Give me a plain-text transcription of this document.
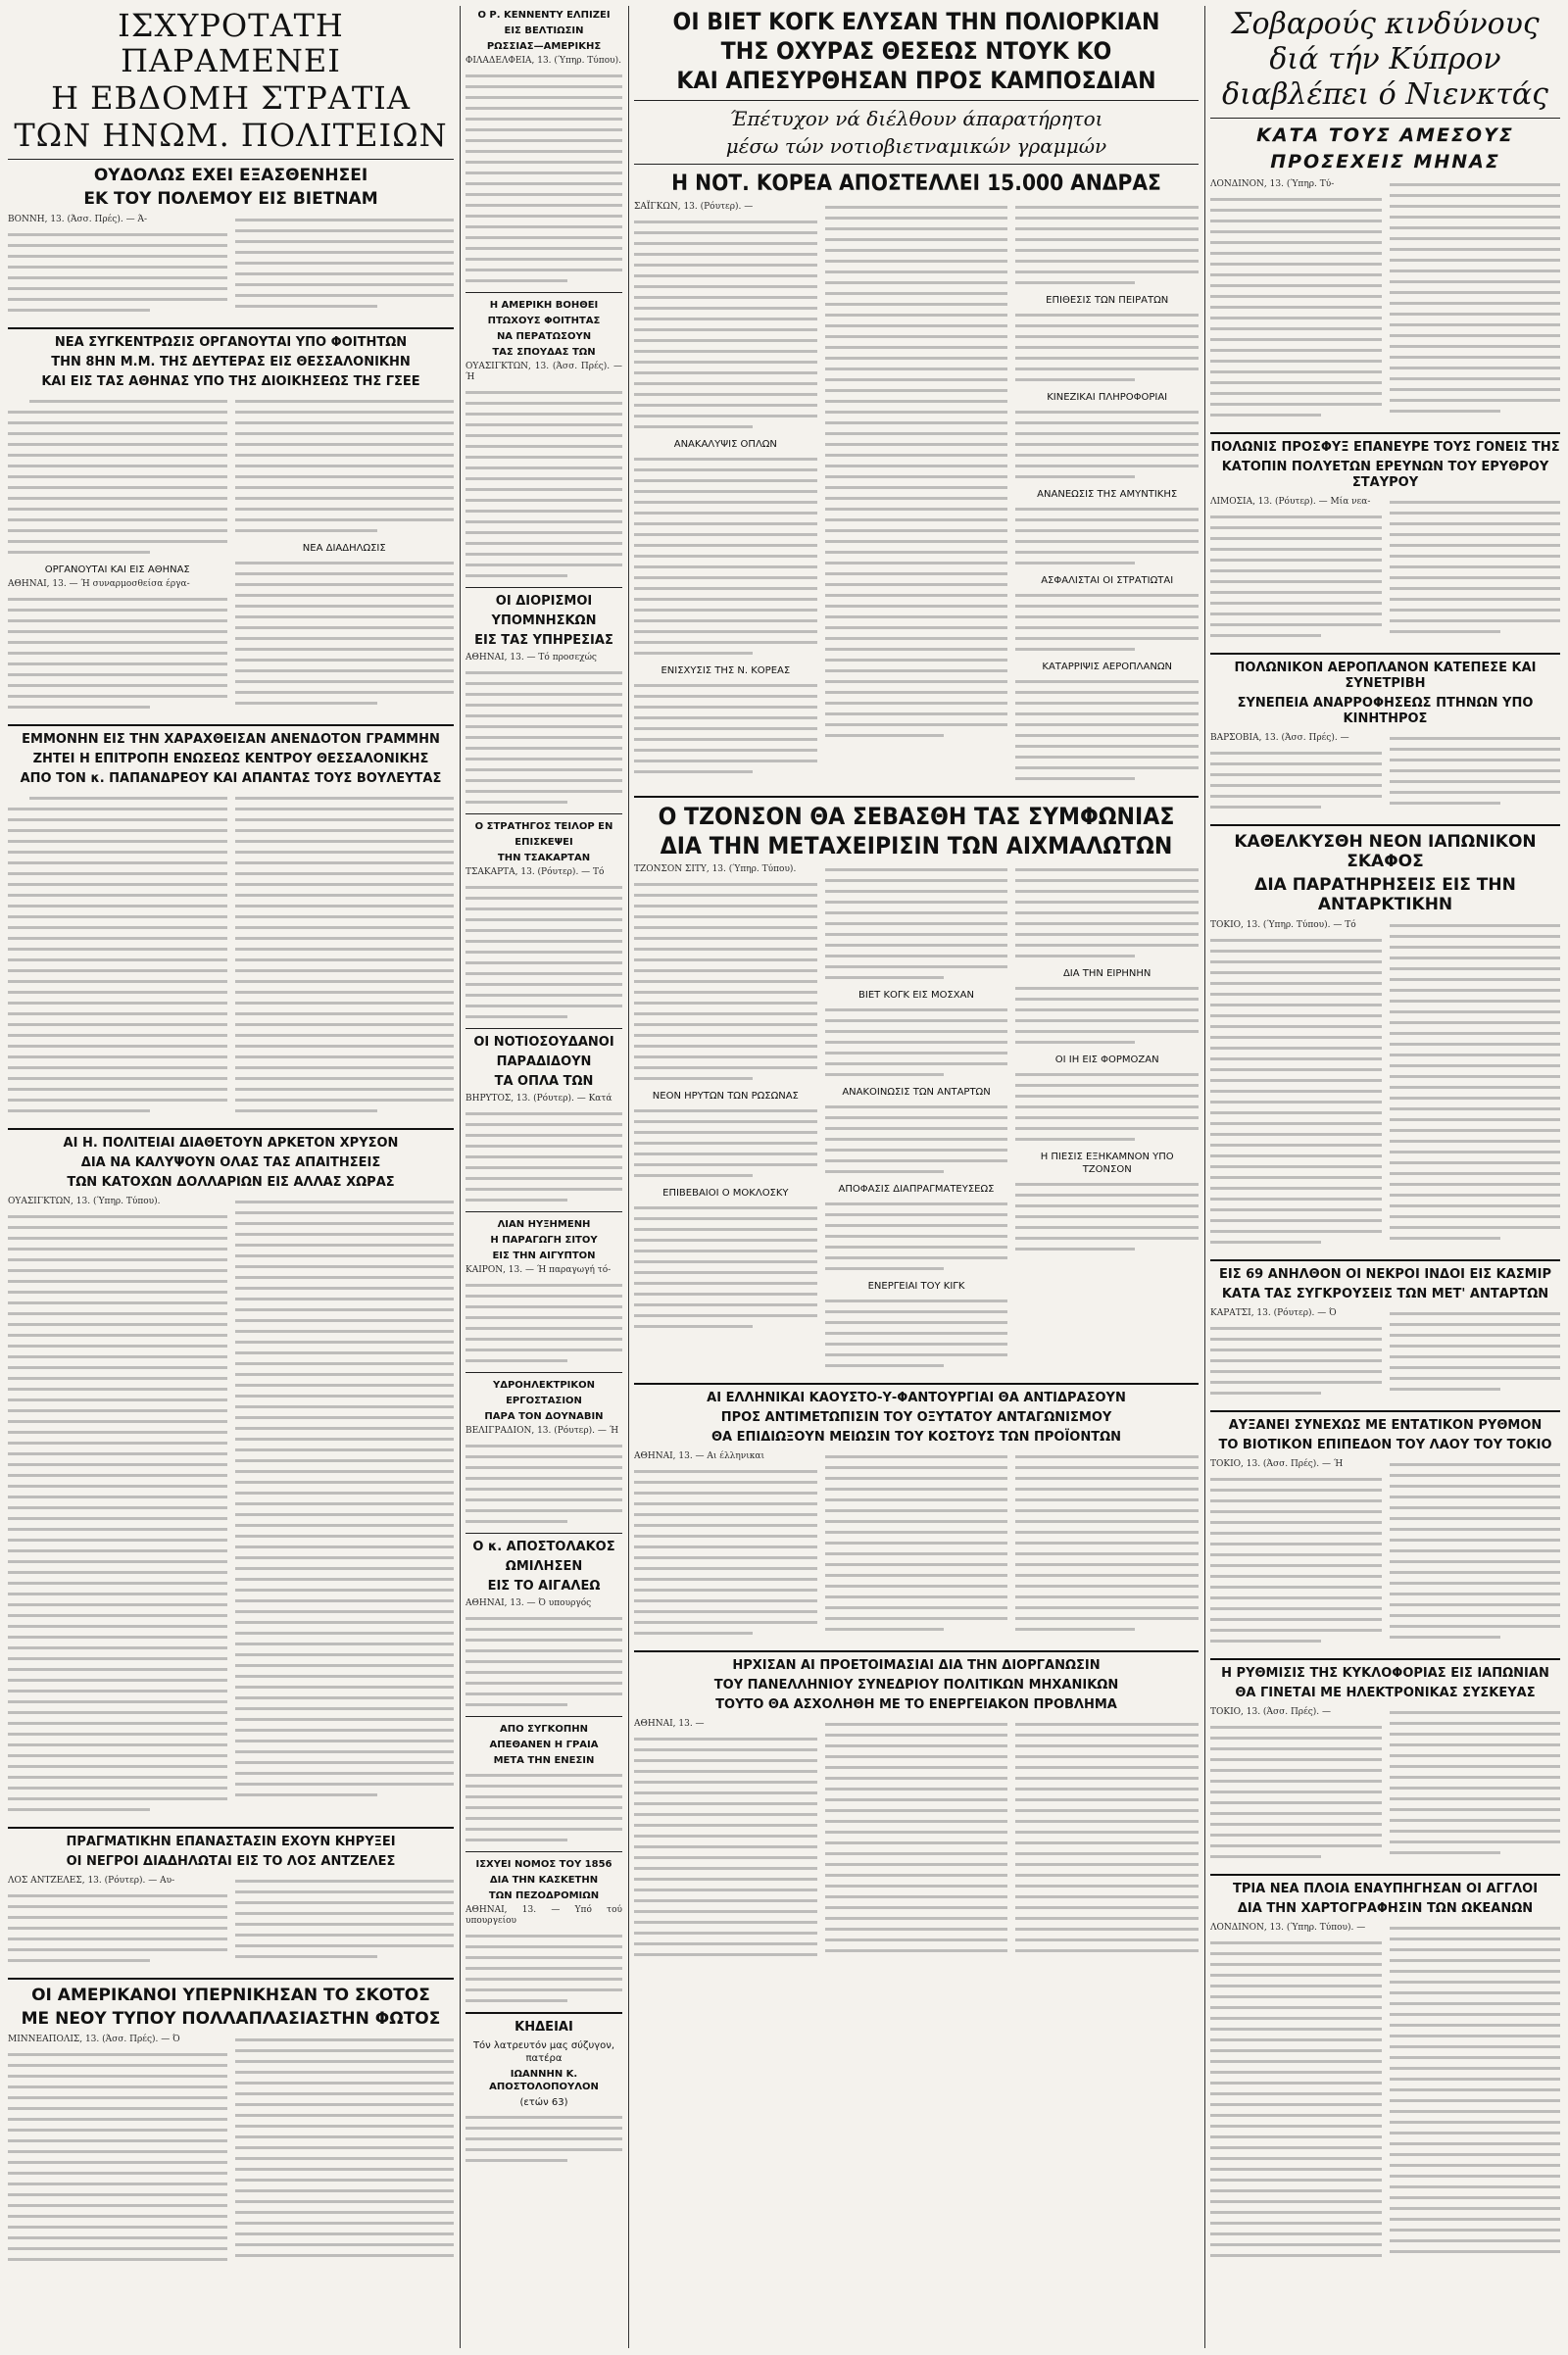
ΙΣΧΥΡΟΤΑΤΗ ΠΑΡΑΜΕΝΕΙ
Η ΕΒΔΟΜΗ ΣΤΡΑΤΙΑ
ΤΩΝ ΗΝΩΜ. ΠΟΛΙΤΕΙΩΝ
ΟΥΔΟΛΩΣ ΕΧΕΙ ΕΞΑΣΘΕΝΗΣΕΙ
ΕΚ ΤΟΥ ΠΟΛΕΜΟΥ ΕΙΣ ΒΙΕΤΝΑΜ
ΒΟΝΝΗ, 13. (Άσσ. Πρές). — Ά-
ΝΕΑ ΣΥΓΚΕΝΤΡΩΣΙΣ ΟΡΓΑΝΟΥΤΑΙ ΥΠΟ ΦΟΙΤΗΤΩΝ
ΤΗΝ 8ΗΝ Μ.Μ. ΤΗΣ ΔΕΥΤΕΡΑΣ ΕΙΣ ΘΕΣΣΑΛΟΝΙΚΗΝ
ΚΑΙ ΕΙΣ ΤΑΣ ΑΘΗΝΑΣ ΥΠΟ ΤΗΣ ΔΙΟΙΚΗΣΕΩΣ ΤΗΣ ΓΣΕΕ
ΟΡΓΑΝΟΥΤΑΙ ΚΑΙ ΕΙΣ ΑΘΗΝΑΣ
ΑΘΗΝΑΙ, 13. — Ή συναρμοσθείσα έργα-
ΝΕΑ ΔΙΑΔΗΛΩΣΙΣ
ΕΜΜΟΝΗΝ ΕΙΣ ΤΗΝ ΧΑΡΑΧΘΕΙΣΑΝ ΑΝΕΝΔΟΤΟΝ ΓΡΑΜΜΗΝ
ΖΗΤΕΙ Η ΕΠΙΤΡΟΠΗ ΕΝΩΣΕΩΣ ΚΕΝΤΡΟΥ ΘΕΣΣΑΛΟΝΙΚΗΣ
ΑΠΟ ΤΟΝ κ. ΠΑΠΑΝΔΡΕΟΥ ΚΑΙ ΑΠΑΝΤΑΣ ΤΟΥΣ ΒΟΥΛΕΥΤΑΣ
ΑΙ Η. ΠΟΛΙΤΕΙΑΙ ΔΙΑΘΕΤΟΥΝ ΑΡΚΕΤΟΝ ΧΡΥΣΟΝ
ΔΙΑ ΝΑ ΚΑΛΥΨΟΥΝ ΟΛΑΣ ΤΑΣ ΑΠΑΙΤΗΣΕΙΣ
ΤΩΝ ΚΑΤΟΧΩΝ ΔΟΛΛΑΡΙΩΝ ΕΙΣ ΑΛΛΑΣ ΧΩΡΑΣ
ΟΥΑΣΙΓΚΤΩΝ, 13. (Ύπηρ. Τύπου).
ΠΡΑΓΜΑΤΙΚΗΝ ΕΠΑΝΑΣΤΑΣΙΝ ΕΧΟΥΝ ΚΗΡΥΞΕΙ
ΟΙ ΝΕΓΡΟΙ ΔΙΑΔΗΛΩΤΑΙ ΕΙΣ ΤΟ ΛΟΣ ΑΝΤΖΕΛΕΣ
ΛΟΣ ΑΝΤΖΕΛΕΣ, 13. (Ρόυτερ). — Αυ-
ΟΙ ΑΜΕΡΙΚΑΝΟΙ ΥΠΕΡΝΙΚΗΣΑΝ ΤΟ ΣΚΟΤΟΣ
ΜΕ ΝΕΟΥ ΤΥΠΟΥ ΠΟΛΛΑΠΛΑΣΙΑΣΤΗΝ ΦΩΤΟΣ
ΜΙΝΝΕΑΠΟΛΙΣ, 13. (Άσσ. Πρές). — Ό
Ο Ρ. ΚΕΝΝΕΝΤΥ ΕΛΠΙΖΕΙ
ΕΙΣ ΒΕΛΤΙΩΣΙΝ
ΡΩΣΣΙΑΣ—ΑΜΕΡΙΚΗΣ
ΦΙΛΑΔΕΛΦΕΙΑ, 13. (Ύπηρ. Τύπου).
Η ΑΜΕΡΙΚΗ ΒΟΗΘΕΙ
ΠΤΩΧΟΥΣ ΦΟΙΤΗΤΑΣ
ΝΑ ΠΕΡΑΤΩΣΟΥΝ
ΤΑΣ ΣΠΟΥΔΑΣ ΤΩΝ
ΟΥΑΣΙΓΚΤΩΝ, 13. (Άσσ. Πρές). — Ή
ΟΙ ΔΙΟΡΙΣΜΟΙ
ΥΠΟΜΝΗΣΚΩΝ
ΕΙΣ ΤΑΣ ΥΠΗΡΕΣΙΑΣ
ΑΘΗΝΑΙ, 13. — Τό προσεχώς
Ο ΣΤΡΑΤΗΓΟΣ ΤΕΙΛΟΡ ΕΝ
ΕΠΙΣΚΕΨΕΙ
ΤΗΝ ΤΣΑΚΑΡΤΑΝ
ΤΣΑΚΑΡΤΑ, 13. (Ρόυτερ). — Τό
ΟΙ ΝΟΤΙΟΣΟΥΔΑΝΟΙ
ΠΑΡΑΔΙΔΟΥΝ
ΤΑ ΟΠΛΑ ΤΩΝ
ΒΗΡΥΤΟΣ, 13. (Ρόυτερ). — Κατά
ΛΙΑΝ ΗΥΞΗΜΕΝΗ
Η ΠΑΡΑΓΩΓΗ ΣΙΤΟΥ
ΕΙΣ ΤΗΝ ΑΙΓΥΠΤΟΝ
ΚΑΙΡΟΝ, 13. — Ή παραγωγή τό-
ΥΔΡΟΗΛΕΚΤΡΙΚΟΝ
ΕΡΓΟΣΤΑΣΙΟΝ
ΠΑΡΑ ΤΟΝ ΔΟΥΝΑΒΙΝ
ΒΕΛΙΓΡΑΔΙΟΝ, 13. (Ρόυτερ). — Ή
Ο κ. ΑΠΟΣΤΟΛΑΚΟΣ
ΩΜΙΛΗΣΕΝ
ΕΙΣ ΤΟ ΑΙΓΑΛΕΩ
ΑΘΗΝΑΙ, 13. — Ό υπουργός
ΑΠΟ ΣΥΓΚΟΠΗΝ
ΑΠΕΘΑΝΕΝ Η ΓΡΑΙΑ
ΜΕΤΑ ΤΗΝ ΕΝΕΣΙΝ
ΙΣΧΥΕΙ ΝΟΜΟΣ ΤΟΥ 1856
ΔΙΑ ΤΗΝ ΚΑΣΚΕΤΗΝ
ΤΩΝ ΠΕΖΟΔΡΟΜΙΩΝ
ΑΘΗΝΑΙ, 13. — Υπό τού υπουργείου
ΚΗΔΕΙΑΙ
Τόν λατρευτόν μας σύζυγον, πατέρα
ΙΩΑΝΝΗΝ Κ. ΑΠΟΣΤΟΛΟΠΟΥΛΟΝ
(ετών 63)
ΟΙ ΒΙΕΤ ΚΟΓΚ ΕΛΥΣΑΝ ΤΗΝ ΠΟΛΙΟΡΚΙΑΝ
ΤΗΣ ΟΧΥΡΑΣ ΘΕΣΕΩΣ ΝΤΟΥΚ ΚΟ
ΚΑΙ ΑΠΕΣΥΡΘΗΣΑΝ ΠΡΟΣ ΚΑΜΠΟΣΔΙΑΝ
Έπέτυχον νά διέλθουν άπαρατήρητοι
μέσω τών νοτιοβιετναμικών γραμμών
Η ΝΟΤ. ΚΟΡΕΑ ΑΠΟΣΤΕΛΛΕΙ 15.000 ΑΝΔΡΑΣ
ΣΑΪΓΚΩΝ, 13. (Ρόυτερ). —
ΑΝΑΚΑΛΥΨΙΣ ΟΠΛΩΝ
ΕΝΙΣΧΥΣΙΣ ΤΗΣ Ν. ΚΟΡΕΑΣ
ΕΠΙΘΕΣΙΣ ΤΩΝ ΠΕΙΡΑΤΩΝ
ΚΙΝΕΖΙΚΑΙ ΠΛΗΡΟΦΟΡΙΑΙ
ΑΝΑΝΕΩΣΙΣ ΤΗΣ ΑΜΥΝΤΙΚΗΣ
ΑΣΦΑΛΙΣΤΑΙ ΟΙ ΣΤΡΑΤΙΩΤΑΙ
ΚΑΤΑΡΡΙΨΙΣ ΑΕΡΟΠΛΑΝΩΝ
Ο ΤΖΟΝΣΟΝ ΘΑ ΣΕΒΑΣΘΗ ΤΑΣ ΣΥΜΦΩΝΙΑΣ
ΔΙΑ ΤΗΝ ΜΕΤΑΧΕΙΡΙΣΙΝ ΤΩΝ ΑΙΧΜΑΛΩΤΩΝ
ΤΖΟΝΣΟΝ ΣΙΤΥ, 13. (Ύπηρ. Τύπου).
ΝΕΟΝ ΗΡΥΤΩΝ ΤΩΝ ΡΩΣΩΝΑΣ
ΕΠΙΒΕΒΑΙΟΙ Ο ΜΟΚΛΟΣΚΥ
ΒΙΕΤ ΚΟΓΚ ΕΙΣ ΜΟΣΧΑΝ
ΑΝΑΚΟΙΝΩΣΙΣ ΤΩΝ ΑΝΤΑΡΤΩΝ
ΑΠΟΦΑΣΙΣ ΔΙΑΠΡΑΓΜΑΤΕΥΣΕΩΣ
ΕΝΕΡΓΕΙΑΙ ΤΟΥ ΚΙΓΚ
ΔΙΑ ΤΗΝ ΕΙΡΗΝΗΝ
ΟΙ ΙΗ ΕΙΣ ΦΟΡΜΟΖΑΝ
Η ΠΙΕΣΙΣ ΕΞΗΚΑΜΝΟΝ ΥΠΟ ΤΖΟΝΣΟΝ
ΑΙ ΕΛΛΗΝΙΚΑΙ ΚΑΟΥΣΤΟ-Υ-ΦΑΝΤΟΥΡΓΙΑΙ ΘΑ ΑΝΤΙΔΡΑΣΟΥΝ
ΠΡΟΣ ΑΝΤΙΜΕΤΩΠΙΣΙΝ ΤΟΥ ΟΞΥΤΑΤΟΥ ΑΝΤΑΓΩΝΙΣΜΟΥ
ΘΑ ΕΠΙΔΙΩΞΟΥΝ ΜΕΙΩΣΙΝ ΤΟΥ ΚΟΣΤΟΥΣ ΤΩΝ ΠΡΟΪΟΝΤΩΝ
ΑΘΗΝΑΙ, 13. — Αι έλληνικαι
ΗΡΧΙΣΑΝ ΑΙ ΠΡΟΕΤΟΙΜΑΣΙΑΙ ΔΙΑ ΤΗΝ ΔΙΟΡΓΑΝΩΣΙΝ
ΤΟΥ ΠΑΝΕΛΛΗΝΙΟΥ ΣΥΝΕΔΡΙΟΥ ΠΟΛΙΤΙΚΩΝ ΜΗΧΑΝΙΚΩΝ
ΤΟΥΤΟ ΘΑ ΑΣΧΟΛΗΘΗ ΜΕ ΤΟ ΕΝΕΡΓΕΙΑΚΟΝ ΠΡΟΒΛΗΜΑ
ΑΘΗΝΑΙ, 13. —
Σοβαρούς κινδύνους
διά τήν Κύπρον
διαβλέπει ό Νιενκτάς
ΚΑΤΑ ΤΟΥΣ ΑΜΕΣΟΥΣ
ΠΡΟΣΕΧΕΙΣ ΜΗΝΑΣ
ΛΟΝΔΙΝΟΝ, 13. (Ύπηρ. Τύ-
ΠΟΛΩΝΙΣ ΠΡΟΣΦΥΞ ΕΠΑΝΕΥΡΕ ΤΟΥΣ ΓΟΝΕΙΣ ΤΗΣ
ΚΑΤΟΠΙΝ ΠΟΛΥΕΤΩΝ ΕΡΕΥΝΩΝ ΤΟΥ ΕΡΥΘΡΟΥ ΣΤΑΥΡΟΥ
ΛΙΜΟΣΙΑ, 13. (Ρόυτερ). — Μία νεα-
ΠΟΛΩΝΙΚΟΝ ΑΕΡΟΠΛΑΝΟΝ ΚΑΤΕΠΕΣΕ ΚΑΙ ΣΥΝΕΤΡΙΒΗ
ΣΥΝΕΠΕΙΑ ΑΝΑΡΡΟΦΗΣΕΩΣ ΠΤΗΝΩΝ ΥΠΟ ΚΙΝΗΤΗΡΟΣ
ΒΑΡΣΟΒΙΑ, 13. (Άσσ. Πρές). —
ΚΑΘΕΛΚΥΣΘΗ ΝΕΟΝ ΙΑΠΩΝΙΚΟΝ ΣΚΑΦΟΣ
ΔΙΑ ΠΑΡΑΤΗΡΗΣΕΙΣ ΕΙΣ ΤΗΝ ΑΝΤΑΡΚΤΙΚΗΝ
ΤΟΚΙΟ, 13. (Ύπηρ. Τύπου). — Τό
ΕΙΣ 69 ΑΝΗΛΘΟΝ ΟΙ ΝΕΚΡΟΙ ΙΝΔΟΙ ΕΙΣ ΚΑΣΜΙΡ
ΚΑΤΑ ΤΑΣ ΣΥΓΚΡΟΥΣΕΙΣ ΤΩΝ ΜΕΤ' ΑΝΤΑΡΤΩΝ
ΚΑΡΑΤΣΙ, 13. (Ρόυτερ). — Ό
ΑΥΞΑΝΕΙ ΣΥΝΕΧΩΣ ΜΕ ΕΝΤΑΤΙΚΟΝ ΡΥΘΜΟΝ
ΤΟ ΒΙΟΤΙΚΟΝ ΕΠΙΠΕΔΟΝ ΤΟΥ ΛΑΟΥ ΤΟΥ ΤΟΚΙΟ
ΤΟΚΙΟ, 13. (Άσσ. Πρές). — Ή
Η ΡΥΘΜΙΣΙΣ ΤΗΣ ΚΥΚΛΟΦΟΡΙΑΣ ΕΙΣ ΙΑΠΩΝΙΑΝ
ΘΑ ΓΙΝΕΤΑΙ ΜΕ ΗΛΕΚΤΡΟΝΙΚΑΣ ΣΥΣΚΕΥΑΣ
ΤΟΚΙΟ, 13. (Άσσ. Πρές). —
ΤΡΙΑ ΝΕΑ ΠΛΟΙΑ ΕΝΑΥΠΗΓΗΣΑΝ ΟΙ ΑΓΓΛΟΙ
ΔΙΑ ΤΗΝ ΧΑΡΤΟΓΡΑΦΗΣΙΝ ΤΩΝ ΩΚΕΑΝΩΝ
ΛΟΝΔΙΝΟΝ, 13. (Ύπηρ. Τύπου). —
